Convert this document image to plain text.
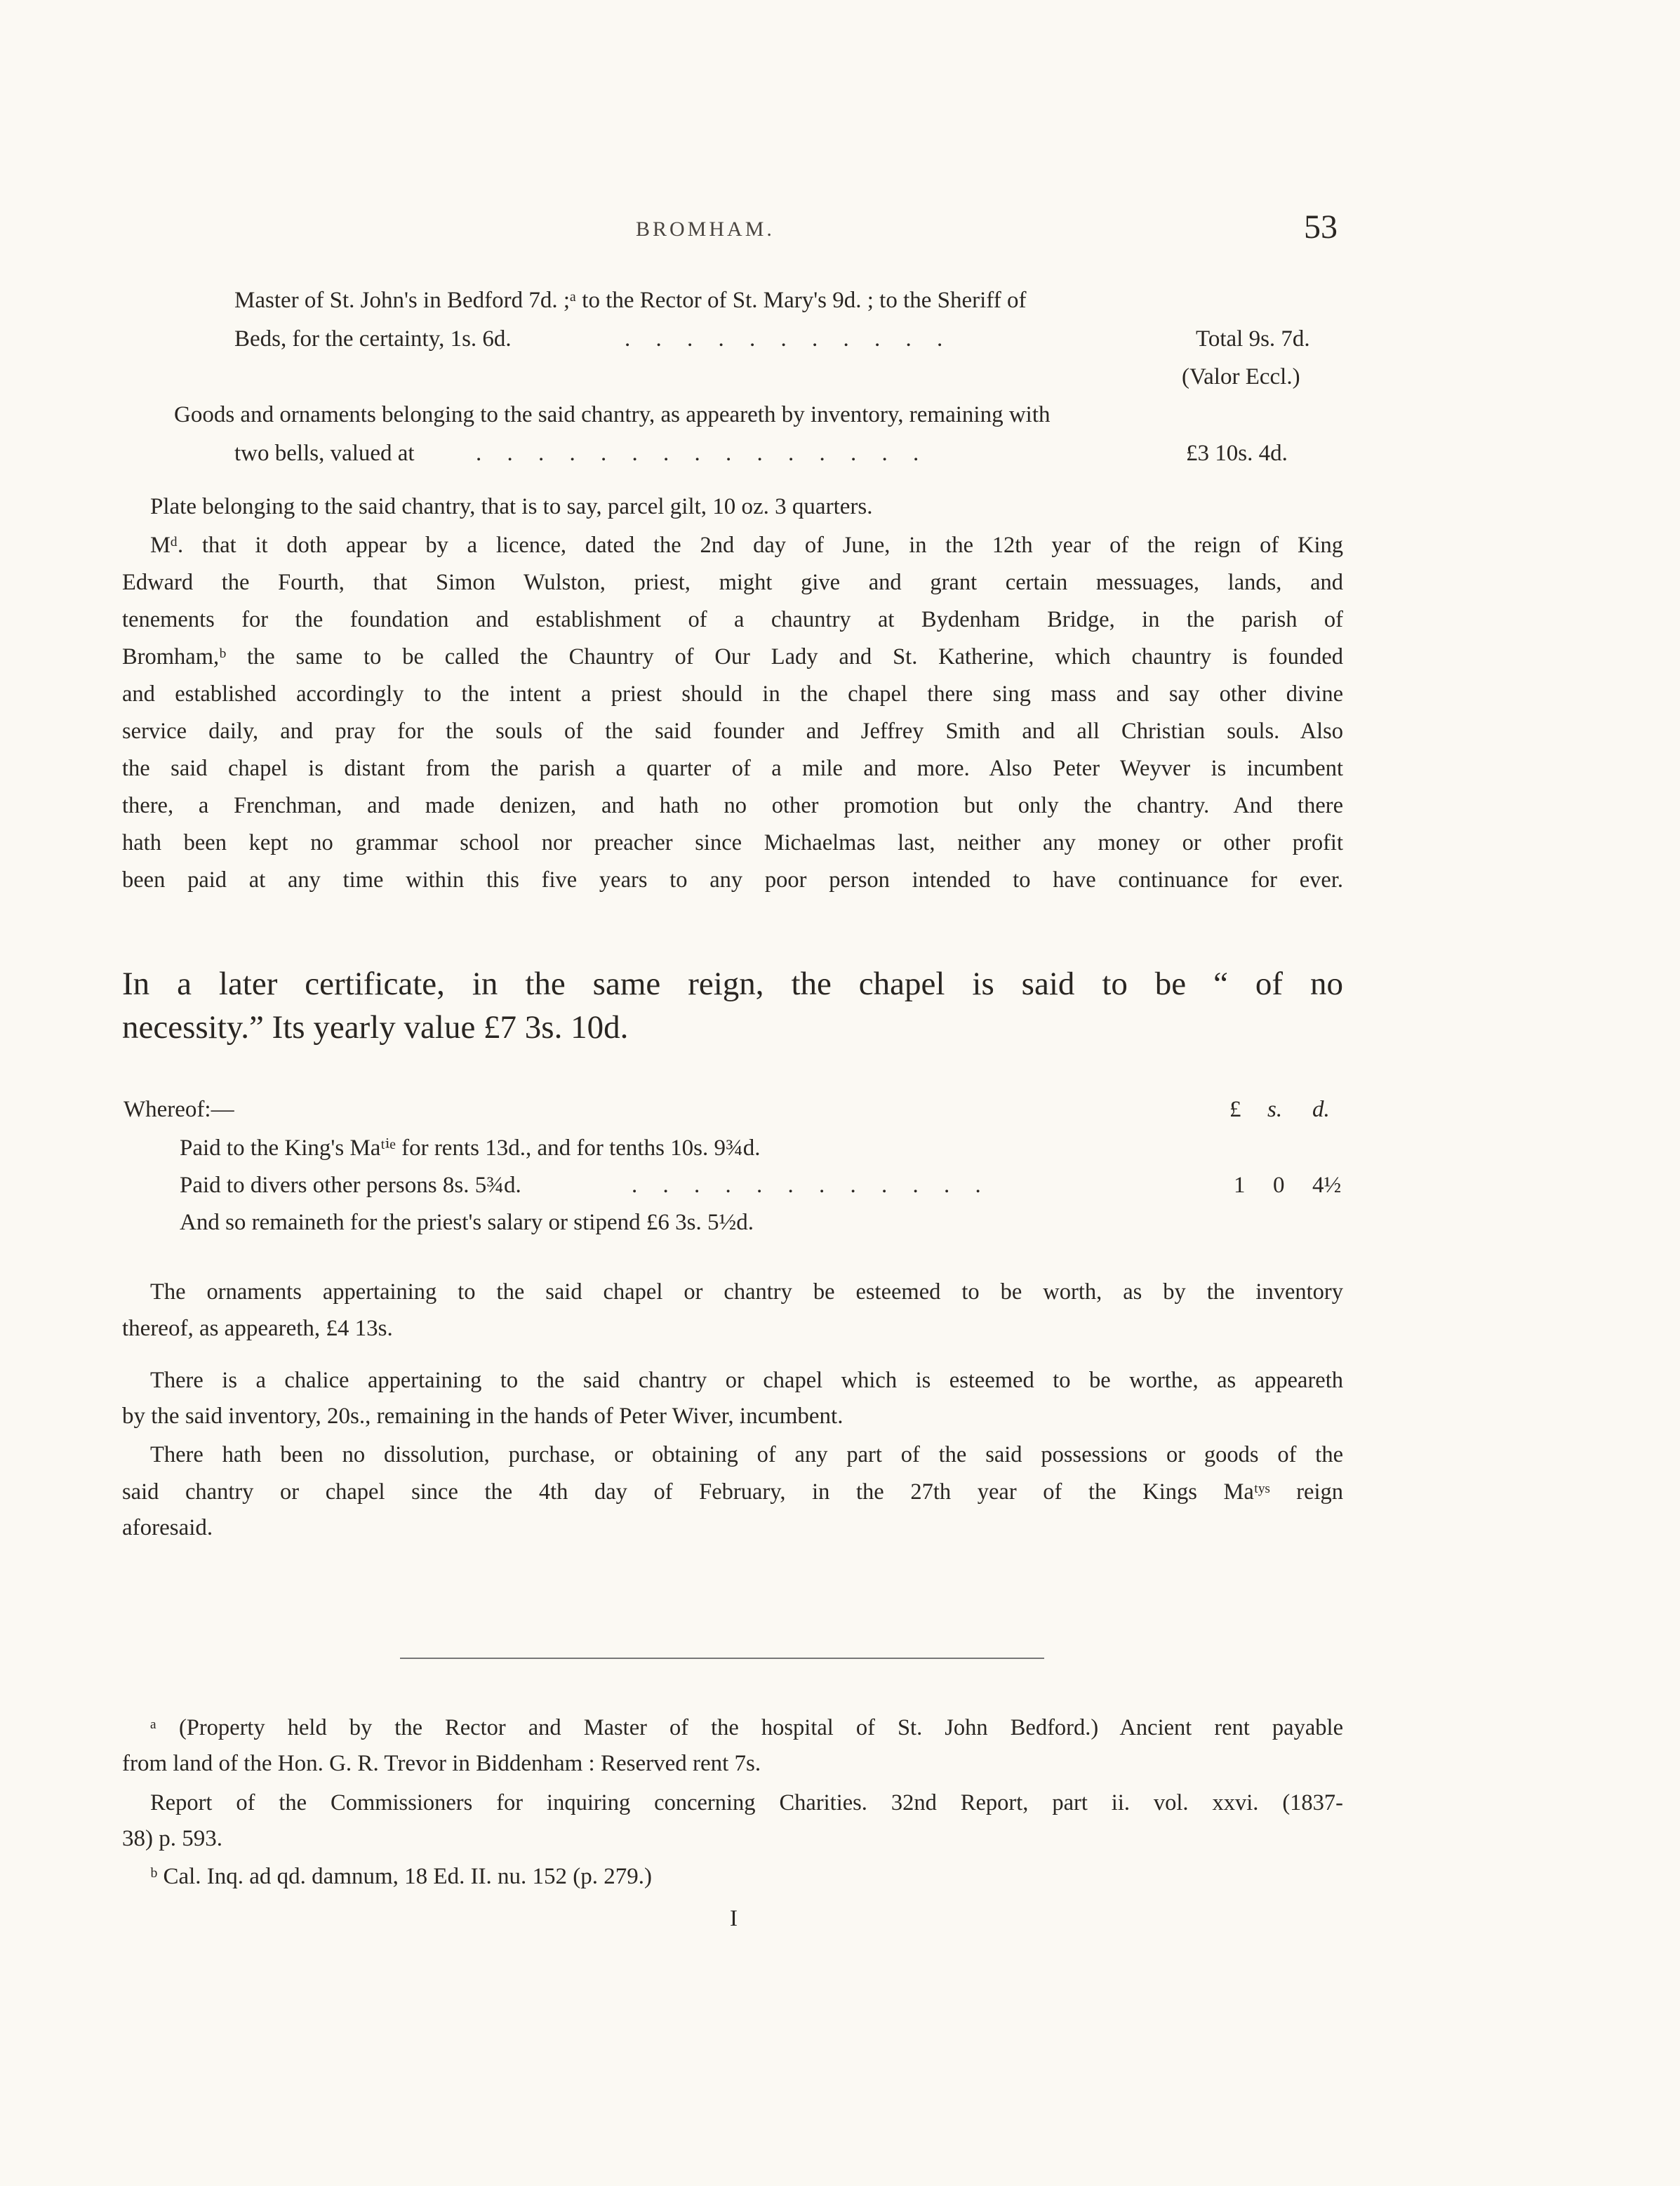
BROMHAM.	53
Master of St. John's in Bedford 7d. ;ᵃ to the Rector of St. Mary's 9d. ; to the Sheriff of
Beds, for the certainty, 1s. 6d.	. . . . . . . . . . .	Total 9s. 7d.
(Valor Eccl.)
Goods and ornaments belonging to the said chantry, as appeareth by inventory, remaining with
two bells, valued at	. . . . . . . . . . . . . . .	£3 10s. 4d.
Plate belonging to the said chantry, that is to say, parcel gilt, 10 oz. 3 quarters.
Mᵈ. that it doth appear by a licence, dated the 2nd day of June, in the 12th year of the reign of King
Edward the Fourth, that Simon Wulston, priest, might give and grant certain messuages, lands, and
tenements for the foundation and establishment of a chauntry at Bydenham Bridge, in the parish of
Bromham,ᵇ the same to be called the Chauntry of Our Lady and St. Katherine, which chauntry is founded
and established accordingly to the intent a priest should in the chapel there sing mass and say other divine
service daily, and pray for the souls of the said founder and Jeffrey Smith and all Christian souls. Also
the said chapel is distant from the parish a quarter of a mile and more. Also Peter Weyver is incumbent
there, a Frenchman, and made denizen, and hath no other promotion but only the chantry. And there
hath been kept no grammar school nor preacher since Michaelmas last, neither any money or other profit
been paid at any time within this five years to any poor person intended to have continuance for ever.
In a later certificate, in the same reign, the chapel is said to be “ of no
necessity.” Its yearly value £7 3s. 10d.
Whereof:—	£ s. d.
Paid to the King's Maᵗⁱᵉ for rents 13d., and for tenths 10s. 9¾d.
Paid to divers other persons 8s. 5¾d.	. . . . . . . . . . . .	1 0 4½
And so remaineth for the priest's salary or stipend £6 3s. 5½d.
The ornaments appertaining to the said chapel or chantry be esteemed to be worth, as by the inventory
thereof, as appeareth, £4 13s.
There is a chalice appertaining to the said chantry or chapel which is esteemed to be worthe, as appeareth
by the said inventory, 20s., remaining in the hands of Peter Wiver, incumbent.
There hath been no dissolution, purchase, or obtaining of any part of the said possessions or goods of the
said chantry or chapel since the 4th day of February, in the 27th year of the Kings Maᵗʸˢ reign
aforesaid.
ᵃ (Property held by the Rector and Master of the hospital of St. John Bedford.) Ancient rent payable
from land of the Hon. G. R. Trevor in Biddenham : Reserved rent 7s.
Report of the Commissioners for inquiring concerning Charities. 32nd Report, part ii. vol. xxvi. (1837-
38) p. 593.
ᵇ Cal. Inq. ad qd. damnum, 18 Ed. II. nu. 152 (p. 279.)
I
